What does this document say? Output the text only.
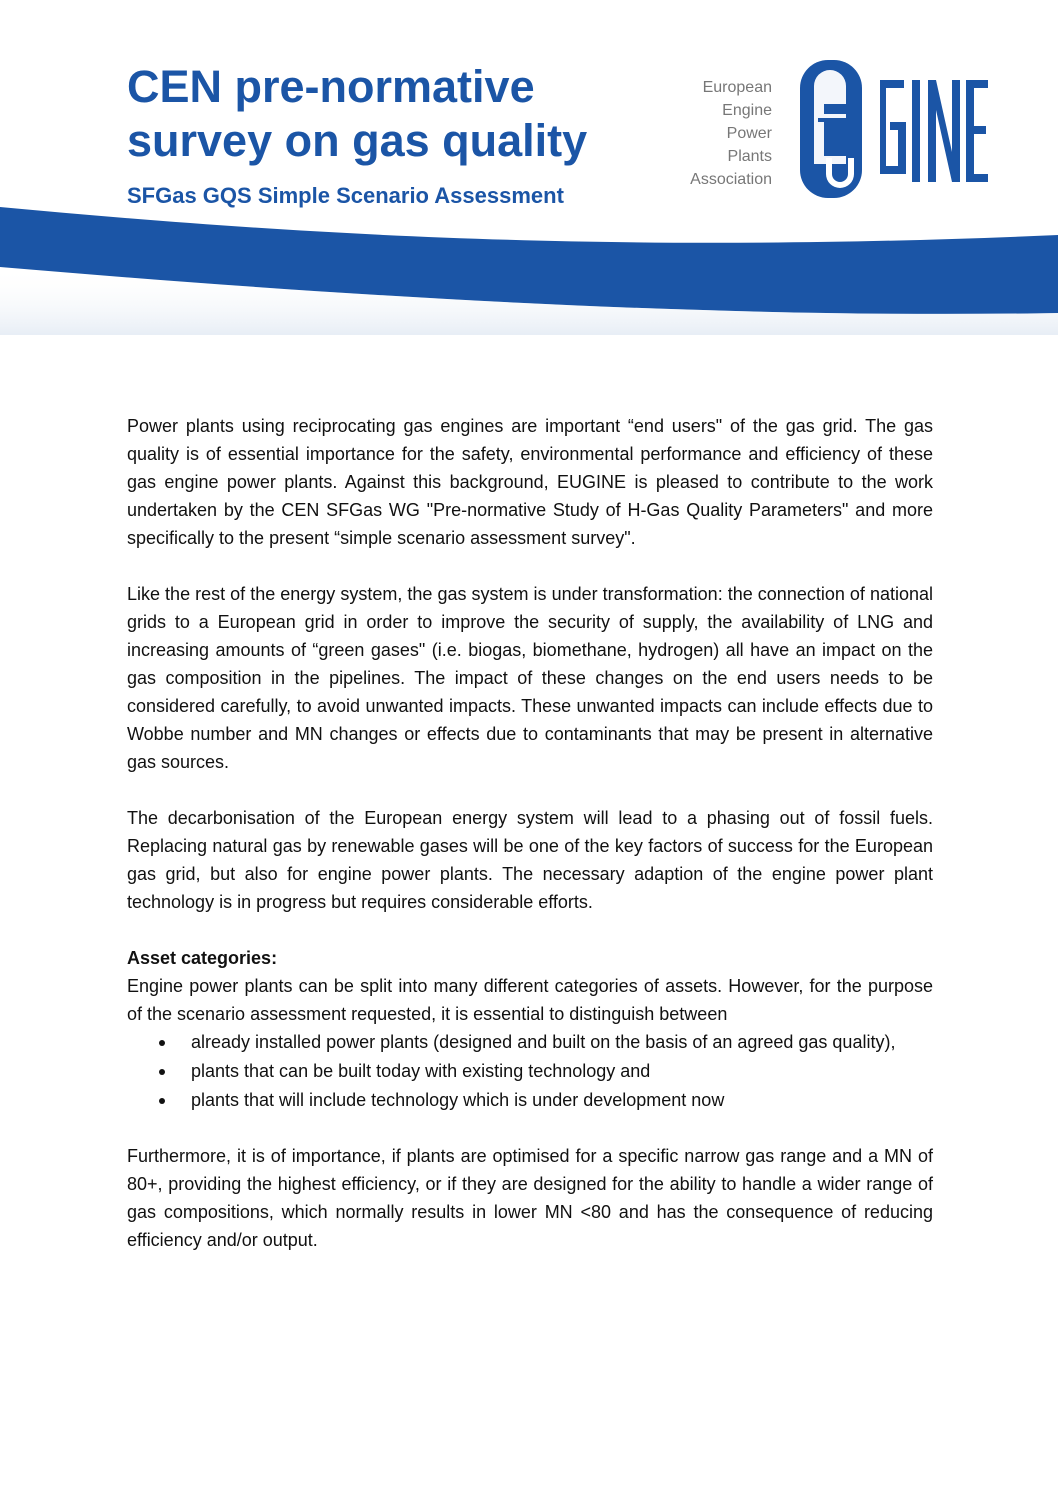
CEN pre-normative
survey on gas quality
SFGas GQS Simple Scenario Assessment
European
Engine
Power
Plants
Association

Power plants using reciprocating gas engines are important “end users" of the gas grid. The gas quality is of essential importance for the safety, environmental performance and efficiency of these gas engine power plants. Against this background, EUGINE is pleased to contribute to the work undertaken by the CEN SFGas WG "Pre-normative Study of H-Gas Quality Parameters" and more specifically to the present “simple scenario assessment survey".

Like the rest of the energy system, the gas system is under transformation: the connection of national grids to a European grid in order to improve the security of supply, the availability of LNG and increasing amounts of “green gases" (i.e. biogas, biomethane, hydrogen) all have an impact on the gas composition in the pipelines. The impact of these changes on the end users needs to be considered carefully, to avoid unwanted impacts. These unwanted impacts can include effects due to Wobbe number and MN changes or effects due to contaminants that may be present in alternative gas sources.

The decarbonisation of the European energy system will lead to a phasing out of fossil fuels. Replacing natural gas by renewable gases will be one of the key factors of success for the European gas grid, but also for engine power plants. The necessary adaption of the engine power plant technology is in progress but requires considerable efforts.

Asset categories:
Engine power plants can be split into many different categories of assets. However, for the purpose of the scenario assessment requested, it is essential to distinguish between
already installed power plants (designed and built on the basis of an agreed gas quality),
plants that can be built today with existing technology and
plants that will include technology which is under development now

Furthermore, it is of importance, if plants are optimised for a specific narrow gas range and a MN of 80+, providing the highest efficiency, or if they are designed for the ability to handle a wider range of gas compositions, which normally results in lower MN <80 and has the consequence of reducing efficiency and/or output.
